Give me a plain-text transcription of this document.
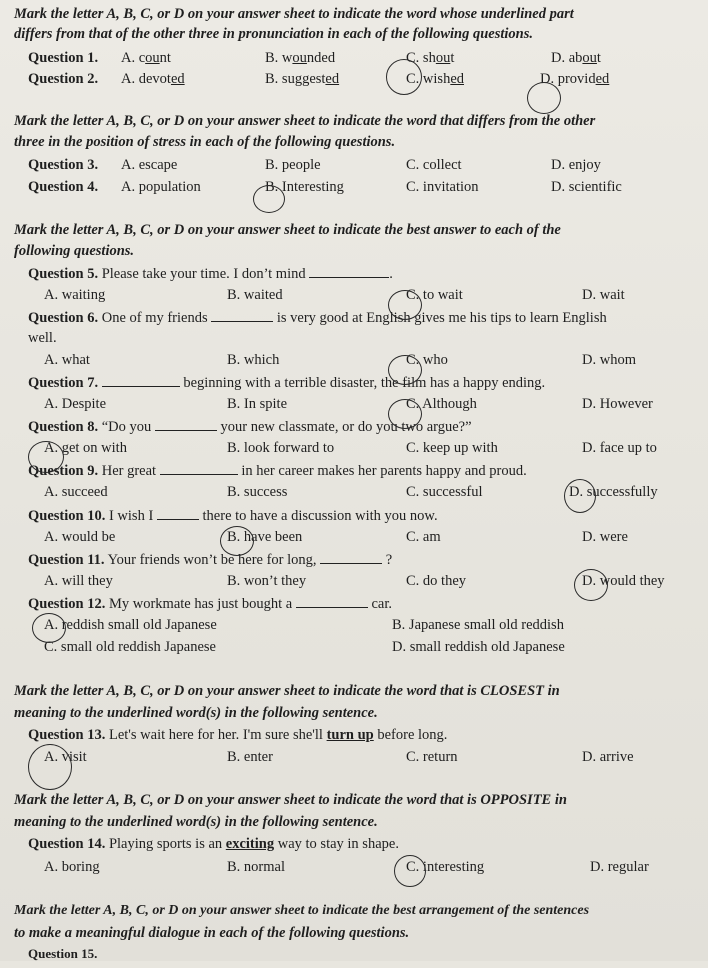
Mark the letter A, B, C, or D on your answer sheet to indicate the word whose underlined part
differs from that of the other three in pronunciation in each of the following questions.
Question 1. A. count	B. wounded	C. shout	D. about
Question 2. A. devoted	B. suggested	C. wished	D. provided
Mark the letter A, B, C, or D on your answer sheet to indicate the word that differs from the other
three in the position of stress in each of the following questions.
Question 3. A. escape	B. people	C. collect	D. enjoy
Question 4. A. population	B. Interesting	C. invitation	D. scientific
Mark the letter A, B, C, or D on your answer sheet to indicate the best answer to each of the
following questions.
Question 5. Please take your time. I don’t mind	.
A. waiting	B. waited	C. to wait	D. wait
Question 6. One of my friends	is very good at English gives me his tips to learn English
well.
A. what	B. which	C. who	D. whom
Question 7.	beginning with a terrible disaster, the film has a happy ending.
A. Despite	B. In spite	C. Although	D. However
Question 8. “Do you	your new classmate, or do you two argue?”
A. get on with	B. look forward to	C. keep up with	D. face up to
Question 9. Her great	in her career makes her parents happy and proud.
A. succeed	B. success	C. successful	D. successfully
Question 10. I wish I	there to have a discussion with you now.
A. would be	B. have been	C. am	D. were
Question 11. Your friends won’t be here for long,	?
A. will they	B. won’t they	C. do they	D. would they
Question 12. My workmate has just bought a	car.
A. reddish small old Japanese	B. Japanese small old reddish
C. small old reddish Japanese	D. small reddish old Japanese
Mark the letter A, B, C, or D on your answer sheet to indicate the word that is CLOSEST in
meaning to the underlined word(s) in the following sentence.
Question 13. Let's wait here for her. I'm sure she'll turn up before long.
A. visit	B. enter	C. return	D. arrive
Mark the letter A, B, C, or D on your answer sheet to indicate the word that is OPPOSITE in
meaning to the underlined word(s) in the following sentence.
Question 14. Playing sports is an exciting way to stay in shape.
A. boring	B. normal	C. interesting	D. regular
Mark the letter A, B, C, or D on your answer sheet to indicate the best arrangement of the sentences
to make a meaningful dialogue in each of the following questions.
Question 15.
